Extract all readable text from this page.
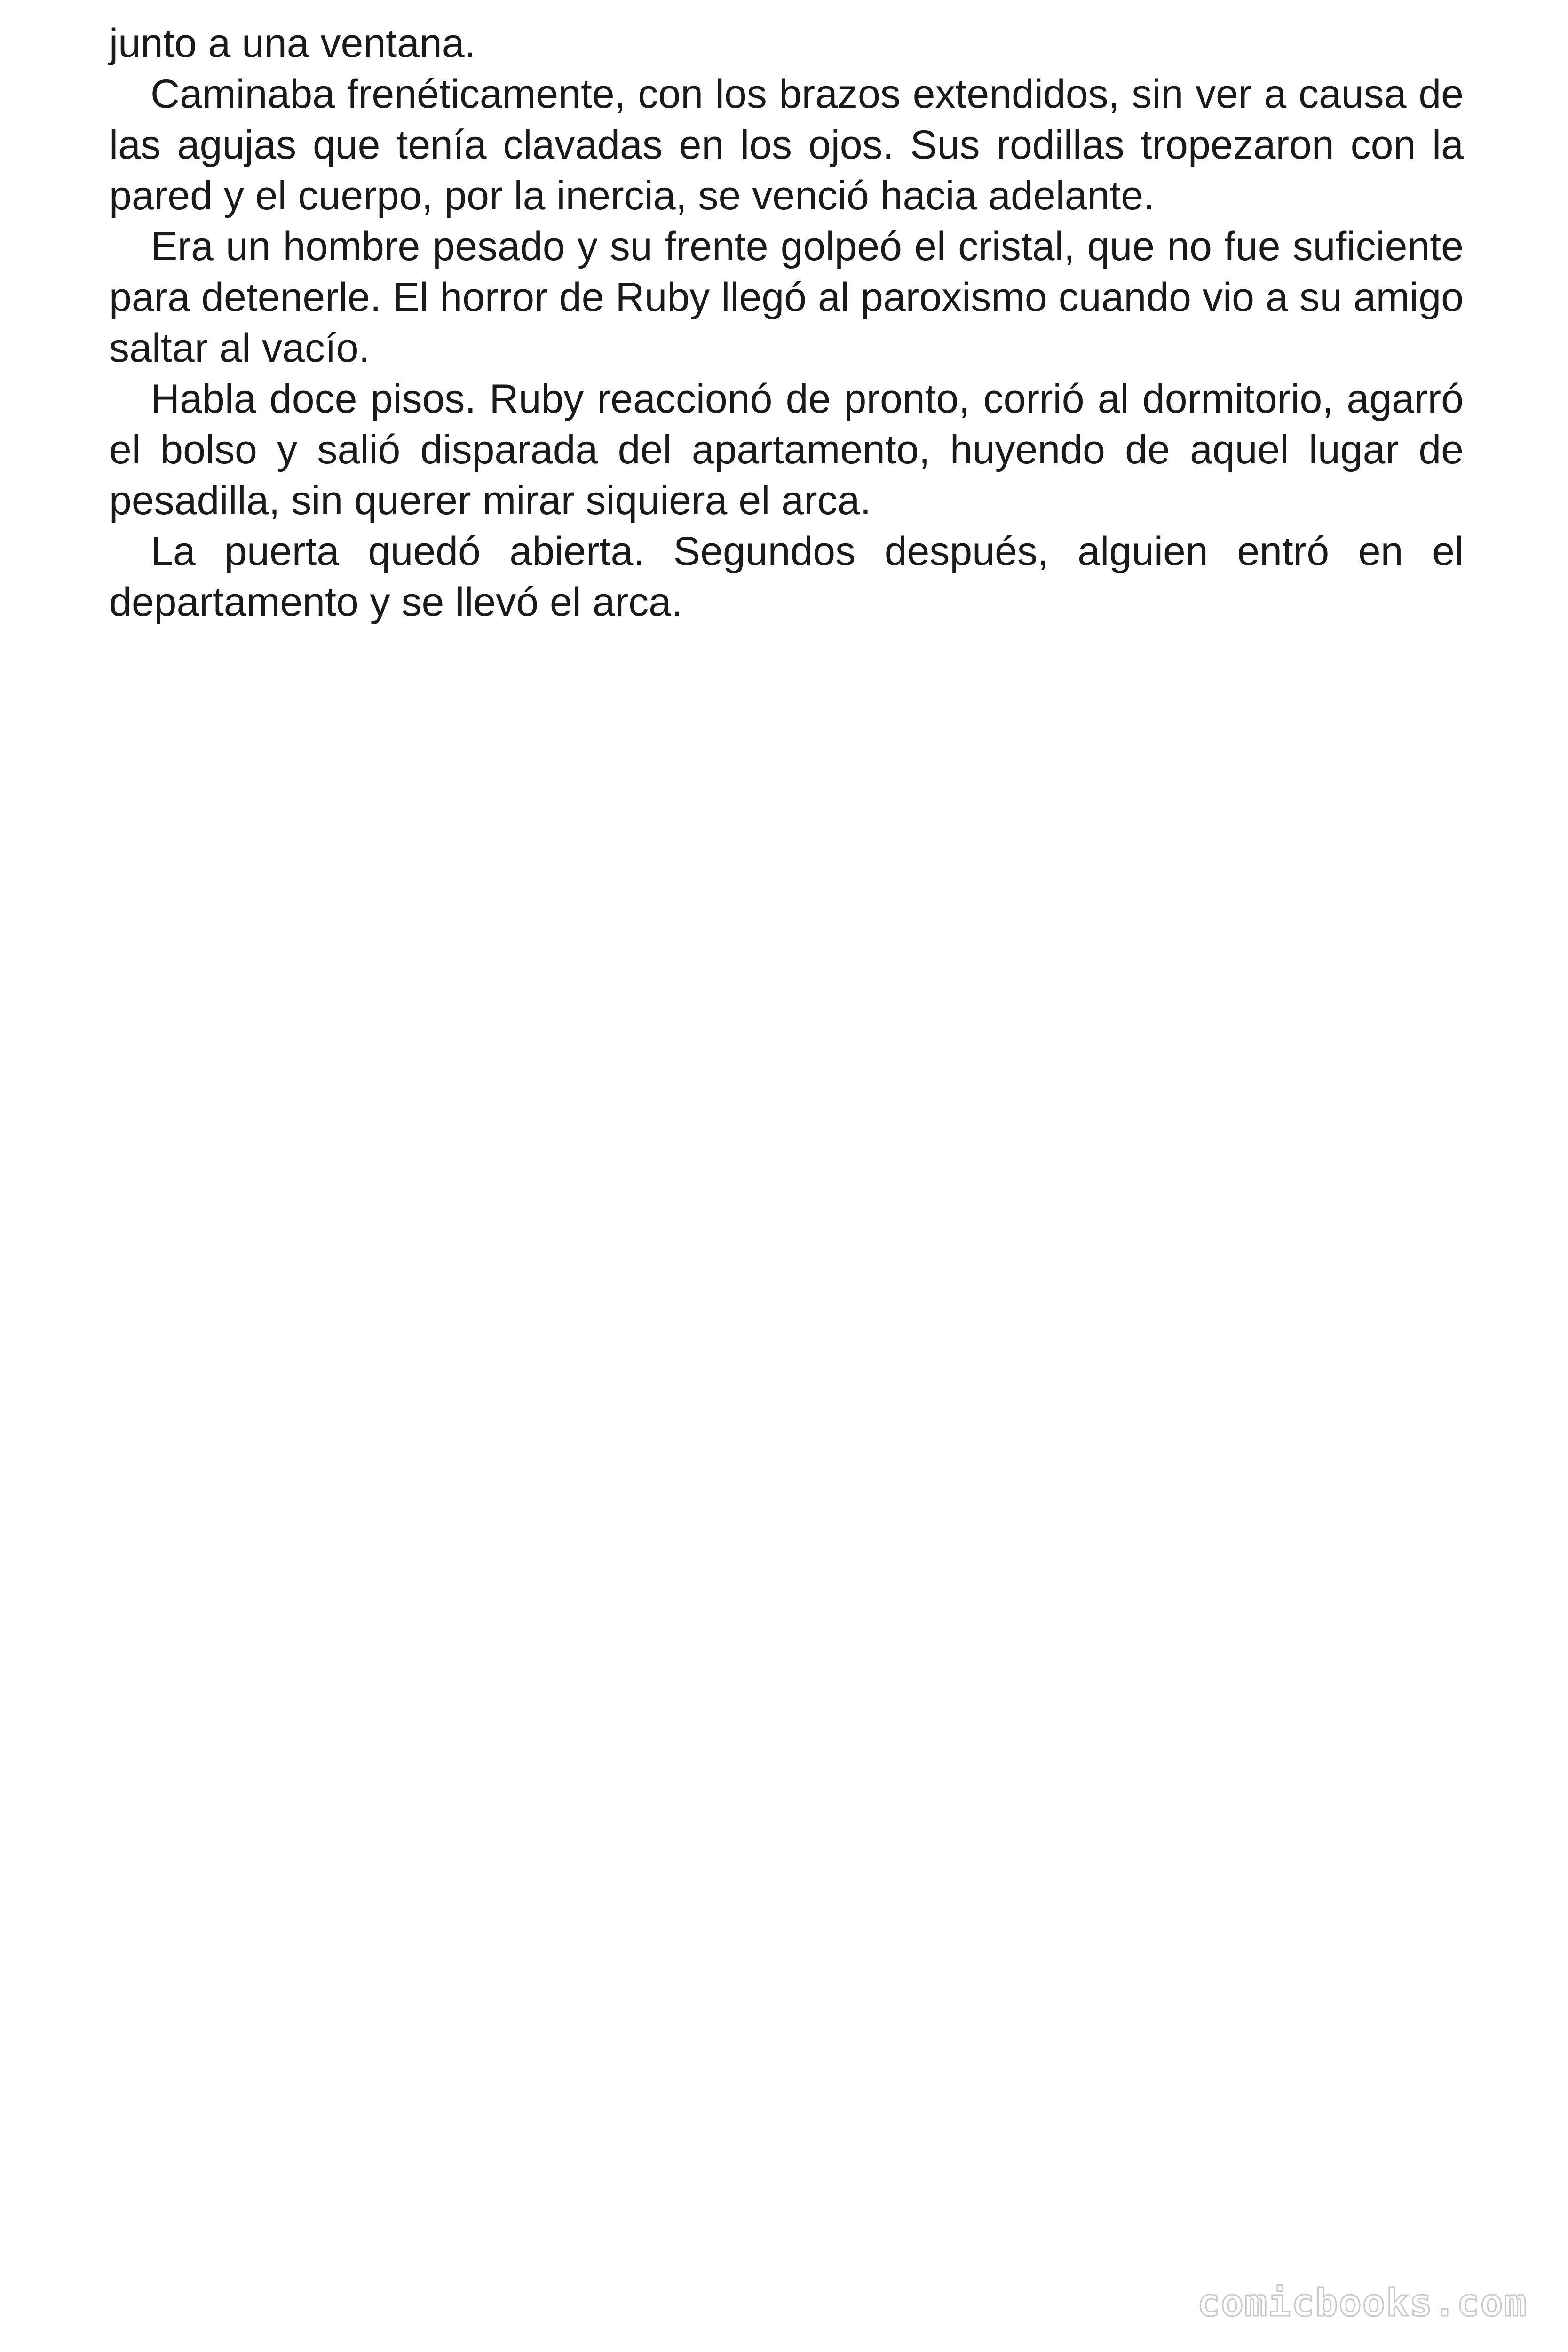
junto a una ventana.

Caminaba frenéticamente, con los brazos extendidos, sin ver a causa de las agujas que tenía clavadas en los ojos. Sus rodillas tropezaron con la pared y el cuerpo, por la inercia, se venció hacia adelante.

Era un hombre pesado y su frente golpeó el cristal, que no fue suficiente para detenerle. El horror de Ruby llegó al paroxismo cuando vio a su amigo saltar al vacío.

Habla doce pisos. Ruby reaccionó de pronto, corrió al dormitorio, agarró el bolso y salió disparada del apartamento, huyendo de aquel lugar de pesadilla, sin querer mirar siquiera el arca.

La puerta quedó abierta. Segundos después, alguien entró en el departamento y se llevó el arca.

comicbooks.com
